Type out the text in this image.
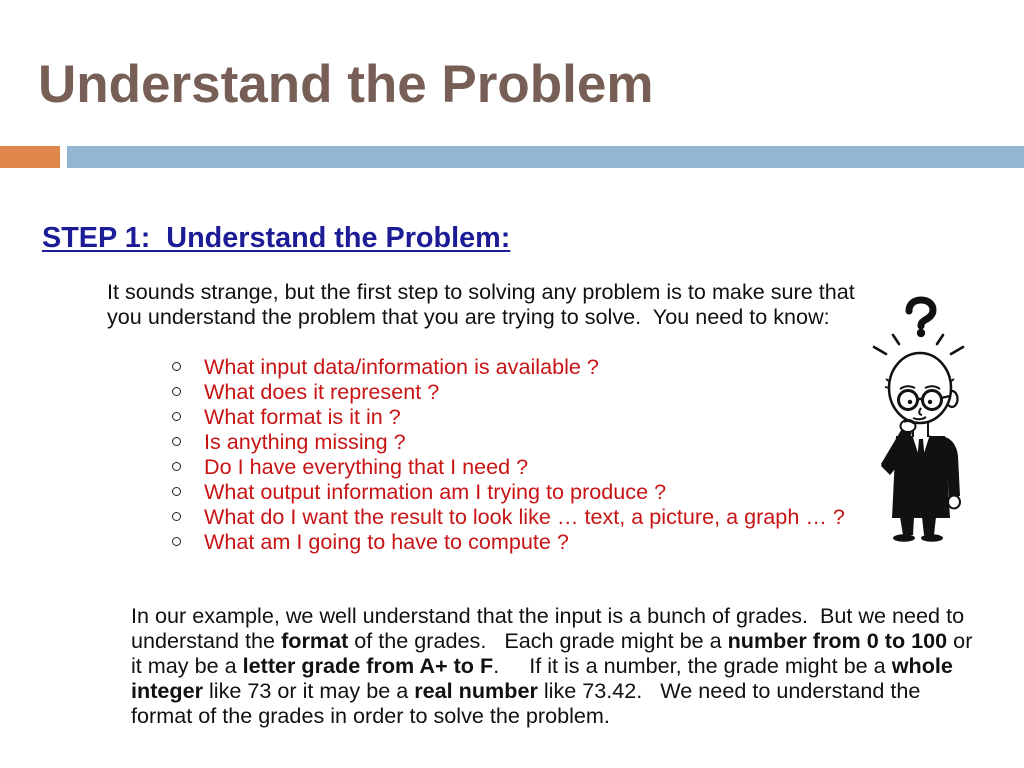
Understand the Problem
STEP 1:  Understand the Problem:
It sounds strange, but the first step to solving any problem is to make sure that
you understand the problem that you are trying to solve.  You need to know:
What input data/information is available ?
What does it represent ?
What format is it in ?
Is anything missing ?
Do I have everything that I need ?
What output information am I trying to produce ?
What do I want the result to look like … text, a picture, a graph … ?
What am I going to have to compute ?

In our example, we well understand that the input is a bunch of grades.  But we need to

understand the format of the grades.   Each grade might be a number from 0 to 100 or

it may be a letter grade from A+ to F.     If it is a number, the grade might be a whole

integer like 73 or it may be a real number like 73.42.   We need to understand the

format of the grades in order to solve the problem.
